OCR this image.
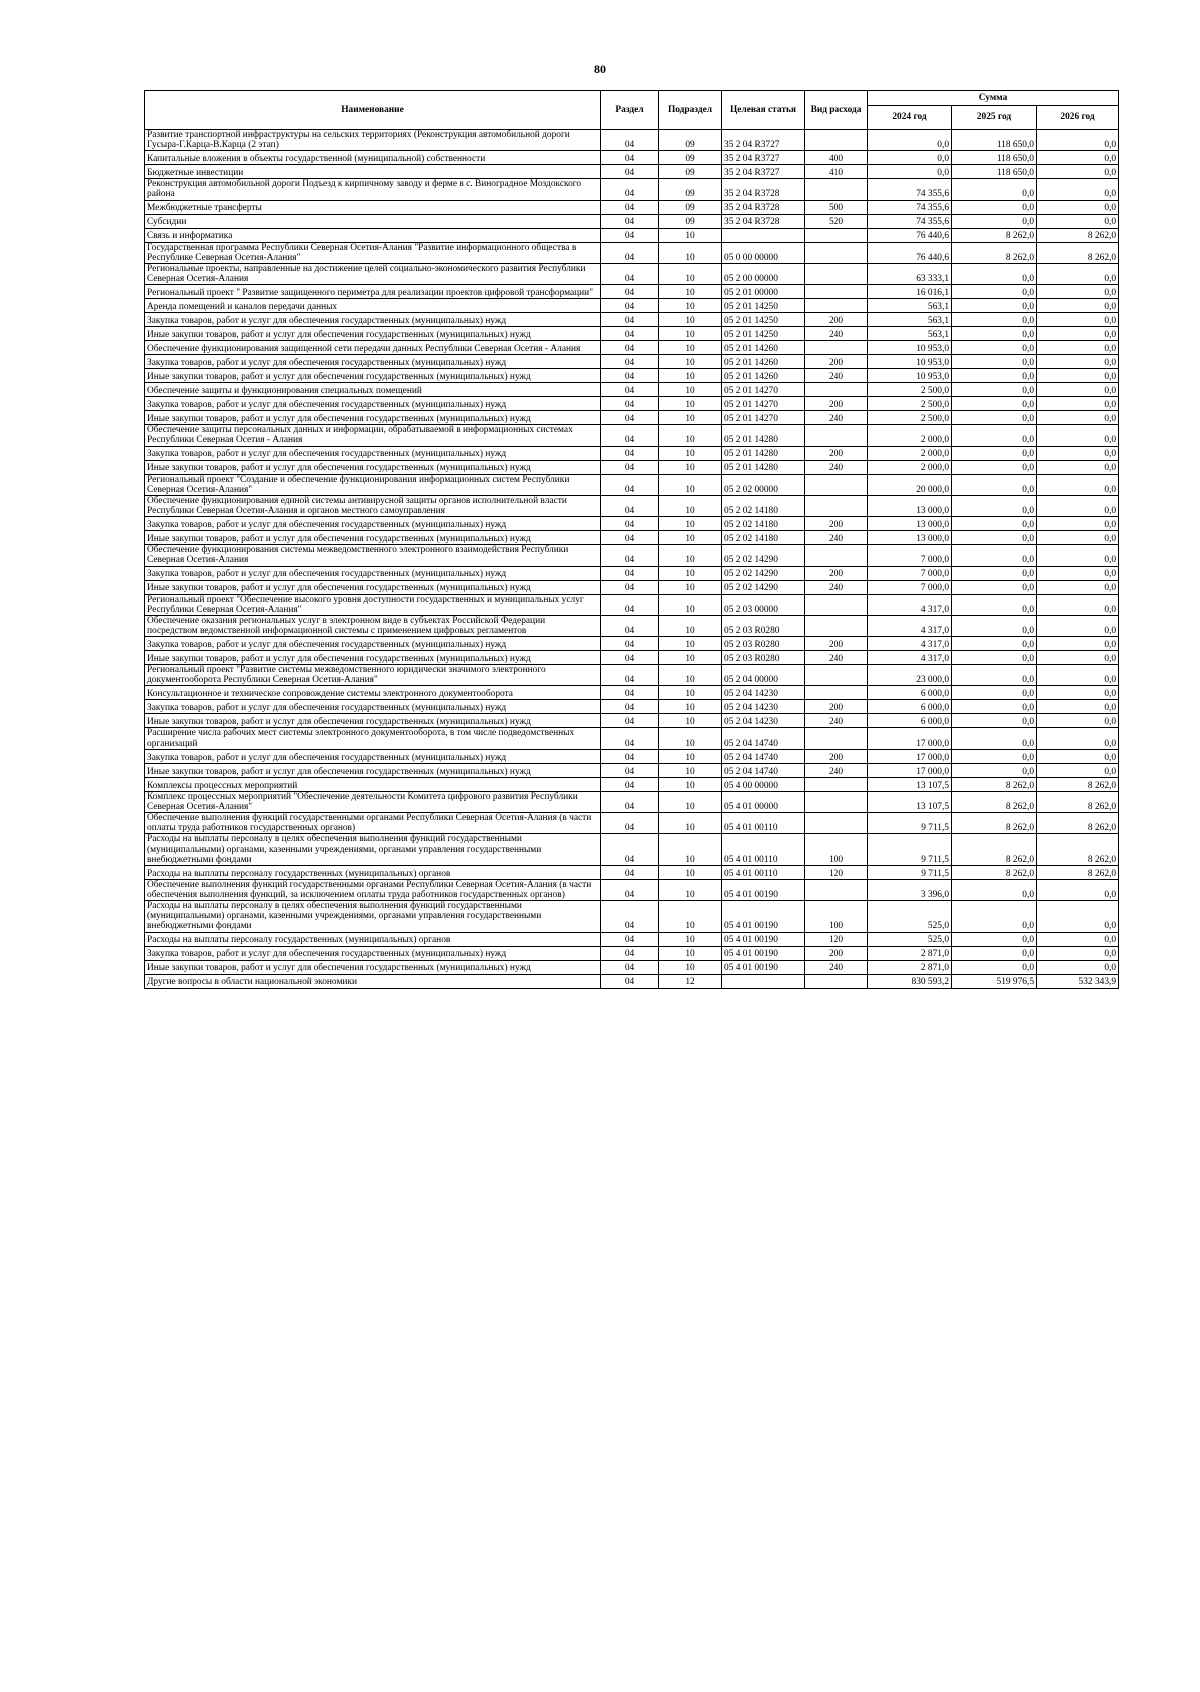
80
Наименование	Раздел	Подраздел	Целевая статья	Вид расхода	Сумма		
					2024 год	2025 год	2026 год
Развитие транспортной инфраструктуры на сельских территориях (Реконструкция автомобильной дороги Гусыра-Г.Карца-В.Карца (2 этап)	04	09	35 2 04 R3727		0,0	118 650,0	0,0
Капитальные вложения в объекты государственной (муниципальной) собственности	04	09	35 2 04 R3727	400	0,0	118 650,0	0,0
Бюджетные инвестиции	04	09	35 2 04 R3727	410	0,0	118 650,0	0,0
Реконструкция автомобильной дороги Подъезд к кирпичному заводу и ферме в с. Виноградное Моздокского района	04	09	35 2 04 R3728		74 355,6	0,0	0,0
Межбюджетные трансферты	04	09	35 2 04 R3728	500	74 355,6	0,0	0,0
Субсидии	04	09	35 2 04 R3728	520	74 355,6	0,0	0,0
Связь и информатика	04	10			76 440,6	8 262,0	8 262,0
Государственная программа Республики Северная Осетия-Алания "Развитие информационного общества в Республике Северная Осетия-Алания"	04	10	05 0 00 00000		76 440,6	8 262,0	8 262,0
Региональные проекты, направленные на достижение целей социально-экономического развития Республики Северная Осетия-Алания	04	10	05 2 00 00000		63 333,1	0,0	0,0
Региональный проект " Развитие защищенного периметра для реализации проектов цифровой трансформации"	04	10	05 2 01 00000		16 016,1	0,0	0,0
Аренда помещений и каналов передачи данных	04	10	05 2 01 14250		563,1	0,0	0,0
Закупка товаров, работ и услуг для обеспечения государственных (муниципальных) нужд	04	10	05 2 01 14250	200	563,1	0,0	0,0
Иные закупки товаров, работ и услуг для обеспечения государственных (муниципальных) нужд	04	10	05 2 01 14250	240	563,1	0,0	0,0
Обеспечение функционирования защищенной сети передачи данных Республики Северная Осетия - Алания	04	10	05 2 01 14260		10 953,0	0,0	0,0
Закупка товаров, работ и услуг для обеспечения государственных (муниципальных) нужд	04	10	05 2 01 14260	200	10 953,0	0,0	0,0
Иные закупки товаров, работ и услуг для обеспечения государственных (муниципальных) нужд	04	10	05 2 01 14260	240	10 953,0	0,0	0,0
Обеспечение защиты и функционирования специальных помещений	04	10	05 2 01 14270		2 500,0	0,0	0,0
Закупка товаров, работ и услуг для обеспечения государственных (муниципальных) нужд	04	10	05 2 01 14270	200	2 500,0	0,0	0,0
Иные закупки товаров, работ и услуг для обеспечения государственных (муниципальных) нужд	04	10	05 2 01 14270	240	2 500,0	0,0	0,0
Обеспечение защиты персональных данных и информации, обрабатываемой в информационных системах Республики Северная Осетия - Алания	04	10	05 2 01 14280		2 000,0	0,0	0,0
Закупка товаров, работ и услуг для обеспечения государственных (муниципальных) нужд	04	10	05 2 01 14280	200	2 000,0	0,0	0,0
Иные закупки товаров, работ и услуг для обеспечения государственных (муниципальных) нужд	04	10	05 2 01 14280	240	2 000,0	0,0	0,0
Региональный проект "Создание и обеспечение функционирования информационных систем Республики Северная Осетия-Алания"	04	10	05 2 02 00000		20 000,0	0,0	0,0
Обеспечение функционирования единой системы антивирусной защиты органов исполнительной власти Республики Северная Осетия-Алания и органов местного самоуправления	04	10	05 2 02 14180		13 000,0	0,0	0,0
Закупка товаров, работ и услуг для обеспечения государственных (муниципальных) нужд	04	10	05 2 02 14180	200	13 000,0	0,0	0,0
Иные закупки товаров, работ и услуг для обеспечения государственных (муниципальных) нужд	04	10	05 2 02 14180	240	13 000,0	0,0	0,0
Обеспечение функционирования системы межведомственного электронного взаимодействия Республики Северная Осетия-Алания	04	10	05 2 02 14290		7 000,0	0,0	0,0
Закупка товаров, работ и услуг для обеспечения государственных (муниципальных) нужд	04	10	05 2 02 14290	200	7 000,0	0,0	0,0
Иные закупки товаров, работ и услуг для обеспечения государственных (муниципальных) нужд	04	10	05 2 02 14290	240	7 000,0	0,0	0,0
Региональный проект "Обеспечение высокого уровня доступности государственных и муниципальных услуг Республики Северная Осетия-Алания"	04	10	05 2 03 00000		4 317,0	0,0	0,0
Обеспечение оказания региональных услуг в электронном виде в субъектах Российской Федерации посредством ведомственной информационной системы с применением цифровых регламентов	04	10	05 2 03 R0280		4 317,0	0,0	0,0
Закупка товаров, работ и услуг для обеспечения государственных (муниципальных) нужд	04	10	05 2 03 R0280	200	4 317,0	0,0	0,0
Иные закупки товаров, работ и услуг для обеспечения государственных (муниципальных) нужд	04	10	05 2 03 R0280	240	4 317,0	0,0	0,0
Региональный проект "Развитие системы межведомственного юридически значимого электронного документооборота Республики Северная Осетия-Алания"	04	10	05 2 04 00000		23 000,0	0,0	0,0
Консультационное и техническое сопровождение системы электронного документооборота	04	10	05 2 04 14230		6 000,0	0,0	0,0
Закупка товаров, работ и услуг для обеспечения государственных (муниципальных) нужд	04	10	05 2 04 14230	200	6 000,0	0,0	0,0
Иные закупки товаров, работ и услуг для обеспечения государственных (муниципальных) нужд	04	10	05 2 04 14230	240	6 000,0	0,0	0,0
Расширение числа рабочих мест системы электронного документооборота, в том числе подведомственных организаций	04	10	05 2 04 14740		17 000,0	0,0	0,0
Закупка товаров, работ и услуг для обеспечения государственных (муниципальных) нужд	04	10	05 2 04 14740	200	17 000,0	0,0	0,0
Иные закупки товаров, работ и услуг для обеспечения государственных (муниципальных) нужд	04	10	05 2 04 14740	240	17 000,0	0,0	0,0
Комплексы процессных мероприятий	04	10	05 4 00 00000		13 107,5	8 262,0	8 262,0
Комплекс процессных мероприятий "Обеспечение деятельности Комитета цифрового развития Республики Северная Осетия-Алания"	04	10	05 4 01 00000		13 107,5	8 262,0	8 262,0
Обеспечение выполнения функций государственными органами Республики Северная Осетия-Алания (в части оплаты труда работников государственных органов)	04	10	05 4 01 00110		9 711,5	8 262,0	8 262,0
Расходы на выплаты персоналу в целях обеспечения выполнения функций государственными (муниципальными) органами, казенными учреждениями, органами управления государственными внебюджетными фондами	04	10	05 4 01 00110	100	9 711,5	8 262,0	8 262,0
Расходы на выплаты персоналу государственных (муниципальных) органов	04	10	05 4 01 00110	120	9 711,5	8 262,0	8 262,0
Обеспечение выполнения функций государственными органами Республики Северная Осетия-Алания (в части обеспечения выполнения функций, за исключением оплаты труда работников государственных органов)	04	10	05 4 01 00190		3 396,0	0,0	0,0
Расходы на выплаты персоналу в целях обеспечения выполнения функций государственными (муниципальными) органами, казенными учреждениями, органами управления государственными внебюджетными фондами	04	10	05 4 01 00190	100	525,0	0,0	0,0
Расходы на выплаты персоналу государственных (муниципальных) органов	04	10	05 4 01 00190	120	525,0	0,0	0,0
Закупка товаров, работ и услуг для обеспечения государственных (муниципальных) нужд	04	10	05 4 01 00190	200	2 871,0	0,0	0,0
Иные закупки товаров, работ и услуг для обеспечения государственных (муниципальных) нужд	04	10	05 4 01 00190	240	2 871,0	0,0	0,0
Другие вопросы в области национальной экономики	04	12			830 593,2	519 976,5	532 343,9
